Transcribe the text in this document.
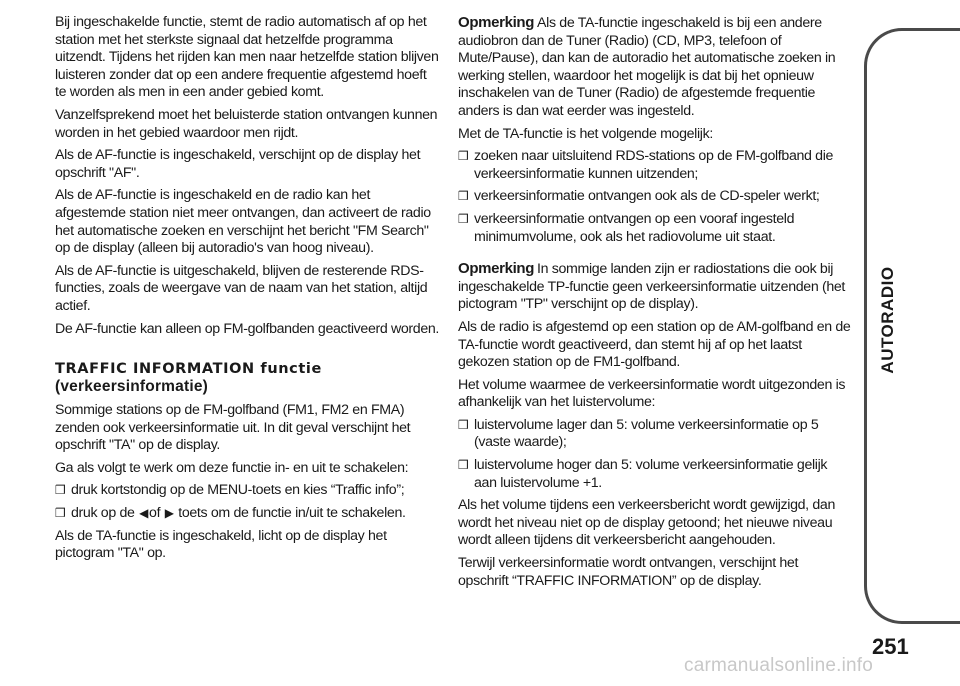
AUTORADIO

Bij ingeschakelde functie, stemt de radio automatisch af op het station met het sterkste signaal dat hetzelfde programma uitzendt. Tijdens het rijden kan men naar hetzelfde station blijven luisteren zonder dat op een andere frequentie afgestemd hoeft te worden als men in een ander gebied komt.

Vanzelfsprekend moet het beluisterde station ontvangen kunnen worden in het gebied waardoor men rijdt.

Als de AF-functie is ingeschakeld, verschijnt op de display het opschrift "AF".

Als de AF-functie is ingeschakeld en de radio kan het afgestemde station niet meer ontvangen, dan activeert de radio het automatische zoeken en verschijnt het bericht "FM Search" op de display (alleen bij autoradio's van hoog niveau).

Als de AF-functie is uitgeschakeld, blijven de resterende RDS-functies, zoals de weergave van de naam van het station, altijd actief.

De AF-functie kan alleen op FM-golfbanden geactiveerd worden.

TRAFFIC INFORMATION functie
(verkeersinformatie)

Sommige stations op de FM-golfband (FM1, FM2 en FMA) zenden ook verkeersinformatie uit. In dit geval verschijnt het opschrift "TA" op de display.

Ga als volgt te werk om deze functie in- en uit te schakelen:

❒ druk kortstondig op de MENU-toets en kies “Traffic info”;
❒ druk op de ◀of ▶ toets om de functie in/uit te schakelen.

Als de TA-functie is ingeschakeld, licht op de display het pictogram "TA" op.

Opmerking Als de TA-functie ingeschakeld is bij een andere audiobron dan de Tuner (Radio) (CD, MP3, telefoon of Mute/Pause), dan kan de autoradio het automatische zoeken in werking stellen, waardoor het mogelijk is dat bij het opnieuw inschakelen van de Tuner (Radio) de afgestemde frequentie anders is dan wat eerder was ingesteld.

Met de TA-functie is het volgende mogelijk:

❒ zoeken naar uitsluitend RDS-stations op de FM-golfband die verkeersinformatie kunnen uitzenden;
❒ verkeersinformatie ontvangen ook als de CD-speler werkt;
❒ verkeersinformatie ontvangen op een vooraf ingesteld minimumvolume, ook als het radiovolume uit staat.

Opmerking In sommige landen zijn er radiostations die ook bij ingeschakelde TP-functie geen verkeersinformatie uitzenden (het pictogram "TP" verschijnt op de display).

Als de radio is afgestemd op een station op de AM-golfband en de TA-functie wordt geactiveerd, dan stemt hij af op het laatst gekozen station op de FM1-golfband.

Het volume waarmee de verkeersinformatie wordt uitgezonden is afhankelijk van het luistervolume:

❒ luistervolume lager dan 5: volume verkeersinformatie op 5 (vaste waarde);
❒ luistervolume hoger dan 5: volume verkeersinformatie gelijk aan luistervolume +1.

Als het volume tijdens een verkeersbericht wordt gewijzigd, dan wordt het niveau niet op de display getoond; het nieuwe niveau wordt alleen tijdens dit verkeersbericht aangehouden.

Terwijl verkeersinformatie wordt ontvangen, verschijnt het opschrift “TRAFFIC INFORMATION” op de display.

251
carmanualsonline.info
